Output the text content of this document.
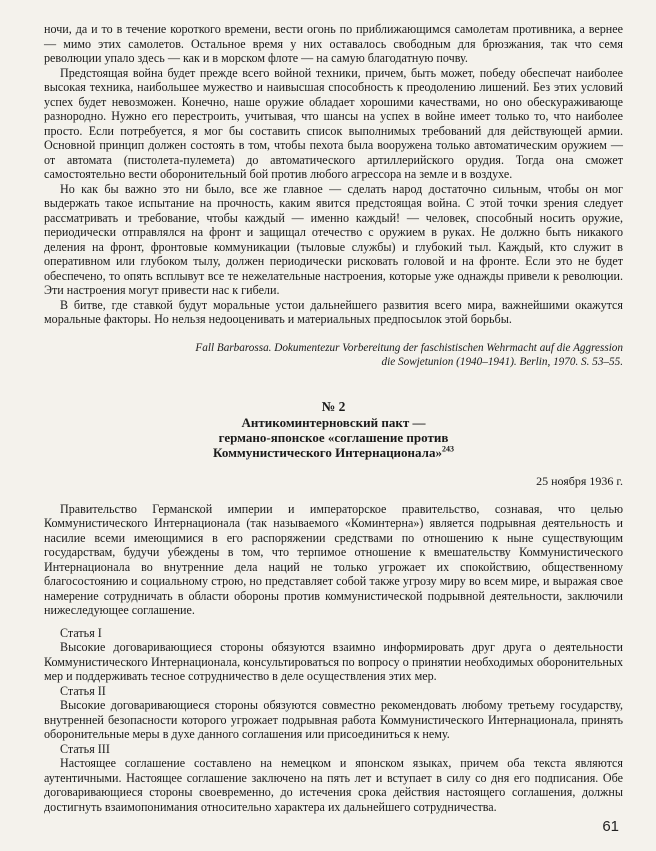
ночи, да и то в течение короткого времени, вести огонь по приближающимся самолетам противника, а вернее — мимо этих самолетов. Остальное время у них оставалось свободным для брюзжания, так что семя революции упало здесь — как и в морском флоте — на самую благодатную почву.

Предстоящая война будет прежде всего войной техники, причем, быть может, победу обеспечат наиболее высокая техника, наибольшее мужество и наивысшая способность к преодолению лишений. Без этих условий успех будет невозможен. Конечно, наше оружие обладает хорошими качествами, но оно обескураживающе разнородно. Нужно его перестроить, учитывая, что шансы на успех в войне имеет только то, что наиболее просто. Если потребуется, я мог бы составить список выполнимых требований для действующей армии. Основной принцип должен состоять в том, чтобы пехота была вооружена только автоматическим оружием — от автомата (пистолета-пулемета) до автоматического артиллерийского орудия. Тогда она сможет самостоятельно вести оборонительный бой против любого агрессора на земле и в воздухе.

Но как бы важно это ни было, все же главное — сделать народ достаточно сильным, чтобы он мог выдержать такое испытание на прочность, каким явится предстоящая война. С этой точки зрения следует рассматривать и требование, чтобы каждый — именно каждый! — человек, способный носить оружие, периодически отправлялся на фронт и защищал отечество с оружием в руках. Не должно быть никакого деления на фронт, фронтовые коммуникации (тыловые службы) и глубокий тыл. Каждый, кто служит в оперативном или глубоком тылу, должен периодически рисковать головой и на фронте. Если это не будет обеспечено, то опять всплывут все те нежелательные настроения, которые уже однажды привели к революции. Эти настроения могут привести нас к гибели.

В битве, где ставкой будут моральные устои дальнейшего развития всего мира, важнейшими окажутся моральные факторы. Но нельзя недооценивать и материальных предпосылок этой борьбы.

Fall Barbarossa. Dokumentezur Vorbereitung der faschistischen Wehrmacht auf die Aggression
die Sowjetunion (1940–1941). Berlin, 1970. S. 53–55.
№ 2
Антикоминтерновский пакт —
германо-японское «соглашение против
Коммунистического Интернационала»$^{243}$
25 ноября 1936 г.

Правительство Германской империи и императорское правительство, сознавая, что целью Коммунистического Интернационала (так называемого «Коминтерна») является подрывная деятельность и насилие всеми имеющимися в его распоряжении средствами по отношению к ныне существующим государствам, будучи убеждены в том, что терпимое отношение к вмешательству Коммунистического Интернационала во внутренние дела наций не только угрожает их спокойствию, общественному благосостоянию и социальному строю, но представляет собой также угрозу миру во всем мире, и выражая свое намерение сотрудничать в области обороны против коммунистической подрывной деятельности, заключили нижеследующее соглашение.

Статья I

Высокие договаривающиеся стороны обязуются взаимно информировать друг друга о деятельности Коммунистического Интернационала, консультироваться по вопросу о принятии необходимых оборонительных мер и поддерживать тесное сотрудничество в деле осуществления этих мер.

Статья II

Высокие договаривающиеся стороны обязуются совместно рекомендовать любому третьему государству, внутренней безопасности которого угрожает подрывная работа Коммунистического Интернационала, принять оборонительные меры в духе данного соглашения или присоединиться к нему.

Статья III

Настоящее соглашение составлено на немецком и японском языках, причем оба текста являются аутентичными. Настоящее соглашение заключено на пять лет и вступает в силу со дня его подписания. Обе договаривающиеся стороны своевременно, до истечения срока действия настоящего соглашения, должны достигнуть взаимопонимания относительно характера их дальнейшего сотрудничества.

61
